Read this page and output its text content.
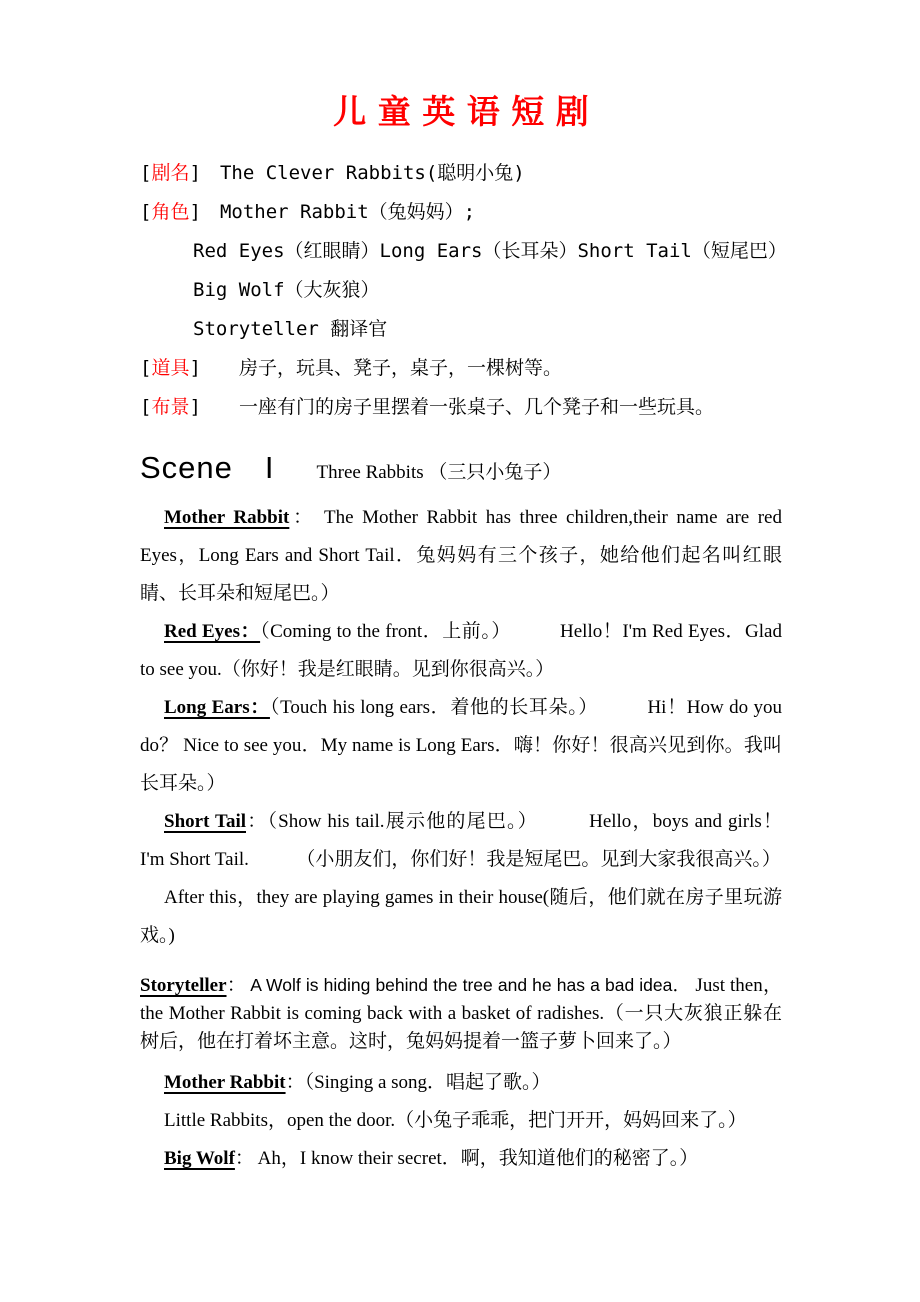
儿 童 英 语 短 剧

[剧名]　 The Clever Rabbits(聪明小兔)

[角色]　 Mother Rabbit（兔妈妈）;

Red Eyes（红眼睛）Long Ears（长耳朵）Short Tail（短尾巴）

Big Wolf（大灰狼）

Storyteller 翻译官

[道具]　　 房子，玩具、凳子，桌子，一棵树等。

[布景]　　 一座有门的房子里摆着一张桌子、几个凳子和一些玩具。

Scene　I Three Rabbits （三只小兔子）

Mother Rabbit： The Mother Rabbit has three children,their name are red Eyes，Long Ears and Short Tail．兔妈妈有三个孩子，她给他们起名叫红眼睛、长耳朵和短尾巴。）

Red Eyes：（Coming to the front．上前。）　　　Hello！I'm Red Eyes．Glad to see you.（你好！我是红眼睛。见到你很高兴。）

Long Ears：（Touch his long ears．着他的长耳朵。）　　　Hi！How do you do？ Nice to see you．My name is Long Ears．嗨！你好！很高兴见到你。我叫长耳朵。）

Short Tail：（Show his tail.展示他的尾巴。）　　　Hello，boys and girls！ I'm Short Tail.　　　（小朋友们，你们好！我是短尾巴。见到大家我很高兴。）

After this，they are playing games in their house(随后，他们就在房子里玩游戏。)

Storyteller： A Wolf is hiding behind the tree and he has a bad idea． Just then，the Mother Rabbit is coming back with a basket of radishes.（一只大灰狼正躲在树后，他在打着坏主意。这时，兔妈妈提着一篮子萝卜回来了。）

Mother Rabbit：（Singing a song．唱起了歌。）

Little Rabbits，open the door.（小兔子乖乖，把门开开，妈妈回来了。）

Big Wolf： Ah，I know their secret．啊，我知道他们的秘密了。）
